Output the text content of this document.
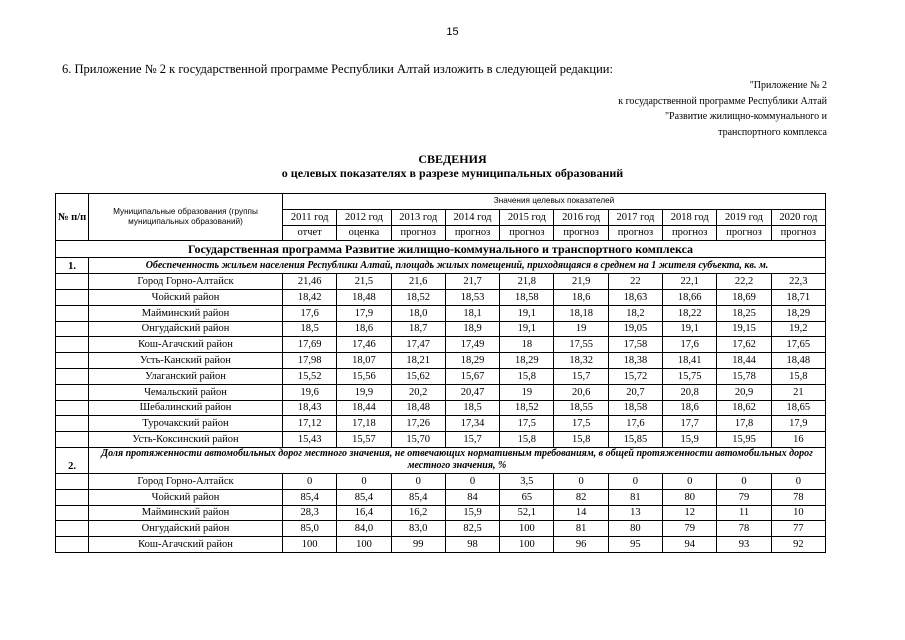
15
6. Приложение № 2 к государственной программе Республики Алтай изложить в следующей редакции:
"Приложение № 2
к государственной программе Республики Алтай
"Развитие жилищно-коммунального и
транспортного комплекса
СВЕДЕНИЯ
о целевых показателях в разрезе муниципальных образований
№ п/п	Муниципальные образования (группы муниципальных образований)	Значения целевых показателей									
		2011 год	2012 год	2013 год	2014 год	2015 год	2016 год	2017 год	2018 год	2019 год	2020 год
		отчет	оценка	прогноз	прогноз	прогноз	прогноз	прогноз	прогноз	прогноз	прогноз
Государственная программа Развитие жилищно-коммунального и транспортного комплекса											
1.	Обеспеченность жильем населения Республики Алтай, площадь жилых помещений, приходящаяся в среднем на 1 жителя субъекта, кв. м.										
	Город Горно-Алтайск	21,46	21,5	21,6	21,7	21,8	21,9	22	22,1	22,2	22,3
	Чойский район	18,42	18,48	18,52	18,53	18,58	18,6	18,63	18,66	18,69	18,71
	Майминский район	17,6	17,9	18,0	18,1	19,1	18,18	18,2	18,22	18,25	18,29
	Онгудайский район	18,5	18,6	18,7	18,9	19,1	19	19,05	19,1	19,15	19,2
	Кош-Агачский район	17,69	17,46	17,47	17,49	18	17,55	17,58	17,6	17,62	17,65
	Усть-Канский район	17,98	18,07	18,21	18,29	18,29	18,32	18,38	18,41	18,44	18,48
	Улаганский район	15,52	15,56	15,62	15,67	15,8	15,7	15,72	15,75	15,78	15,8
	Чемальский район	19,6	19,9	20,2	20,47	19	20,6	20,7	20,8	20,9	21
	Шебалинский район	18,43	18,44	18,48	18,5	18,52	18,55	18,58	18,6	18,62	18,65
	Турочакский район	17,12	17,18	17,26	17,34	17,5	17,5	17,6	17,7	17,8	17,9
	Усть-Коксинский район	15,43	15,57	15,70	15,7	15,8	15,8	15,85	15,9	15,95	16
2.	Доля протяженности автомобильных дорог местного значения, не отвечающих нормативным требованиям, в общей протяженности автомобильных дорог местного значения, %										
	Город Горно-Алтайск	0	0	0	0	3,5	0	0	0	0	0
	Чойский район	85,4	85,4	85,4	84	65	82	81	80	79	78
	Майминский район	28,3	16,4	16,2	15,9	52,1	14	13	12	11	10
	Онгудайский район	85,0	84,0	83,0	82,5	100	81	80	79	78	77
	Кош-Агачский район	100	100	99	98	100	96	95	94	93	92
